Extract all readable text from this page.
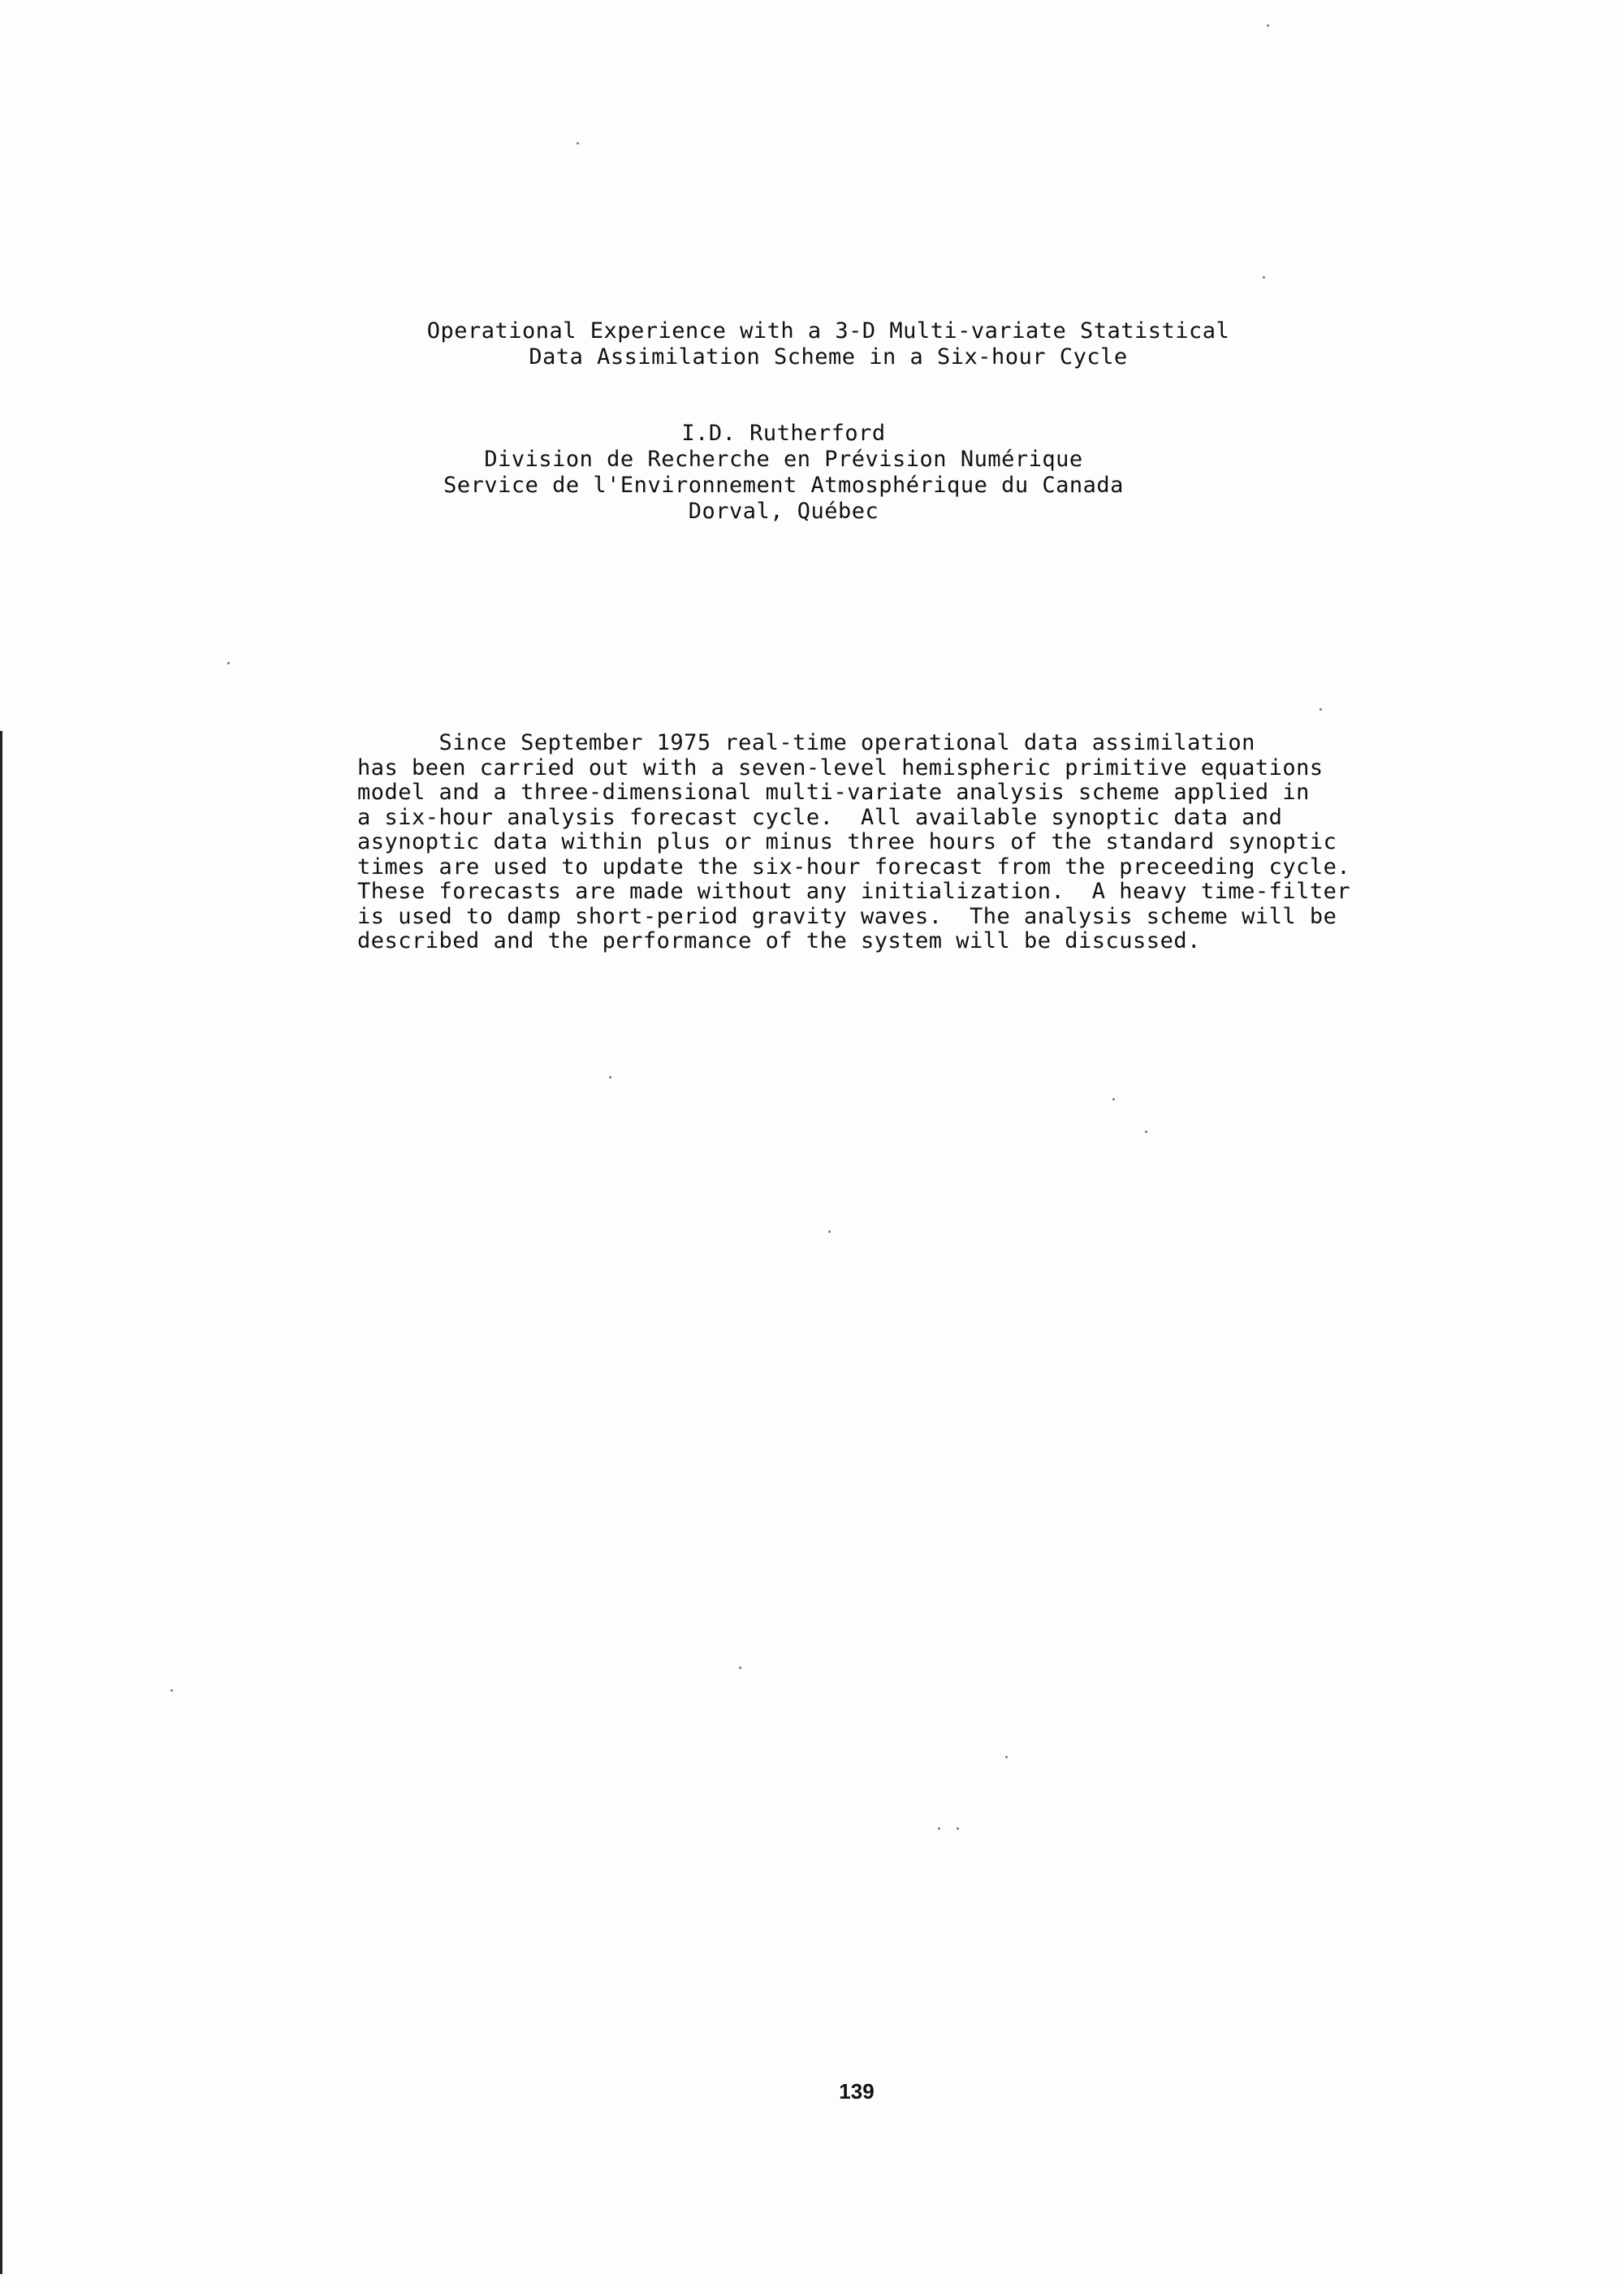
Operational Experience with a 3-D Multi-variate Statistical
Data Assimilation Scheme in a Six-hour Cycle
I.D. Rutherford
Division de Recherche en Prévision Numérique
Service de l'Environnement Atmosphérique du Canada
Dorval, Québec
Since September 1975 real-time operational data assimilation
has been carried out with a seven-level hemispheric primitive equations
model and a three-dimensional multi-variate analysis scheme applied in
a six-hour analysis forecast cycle.  All available synoptic data and
asynoptic data within plus or minus three hours of the standard synoptic
times are used to update the six-hour forecast from the preceeding cycle.
These forecasts are made without any initialization.  A heavy time-filter
is used to damp short-period gravity waves.  The analysis scheme will be
described and the performance of the system will be discussed.
139
